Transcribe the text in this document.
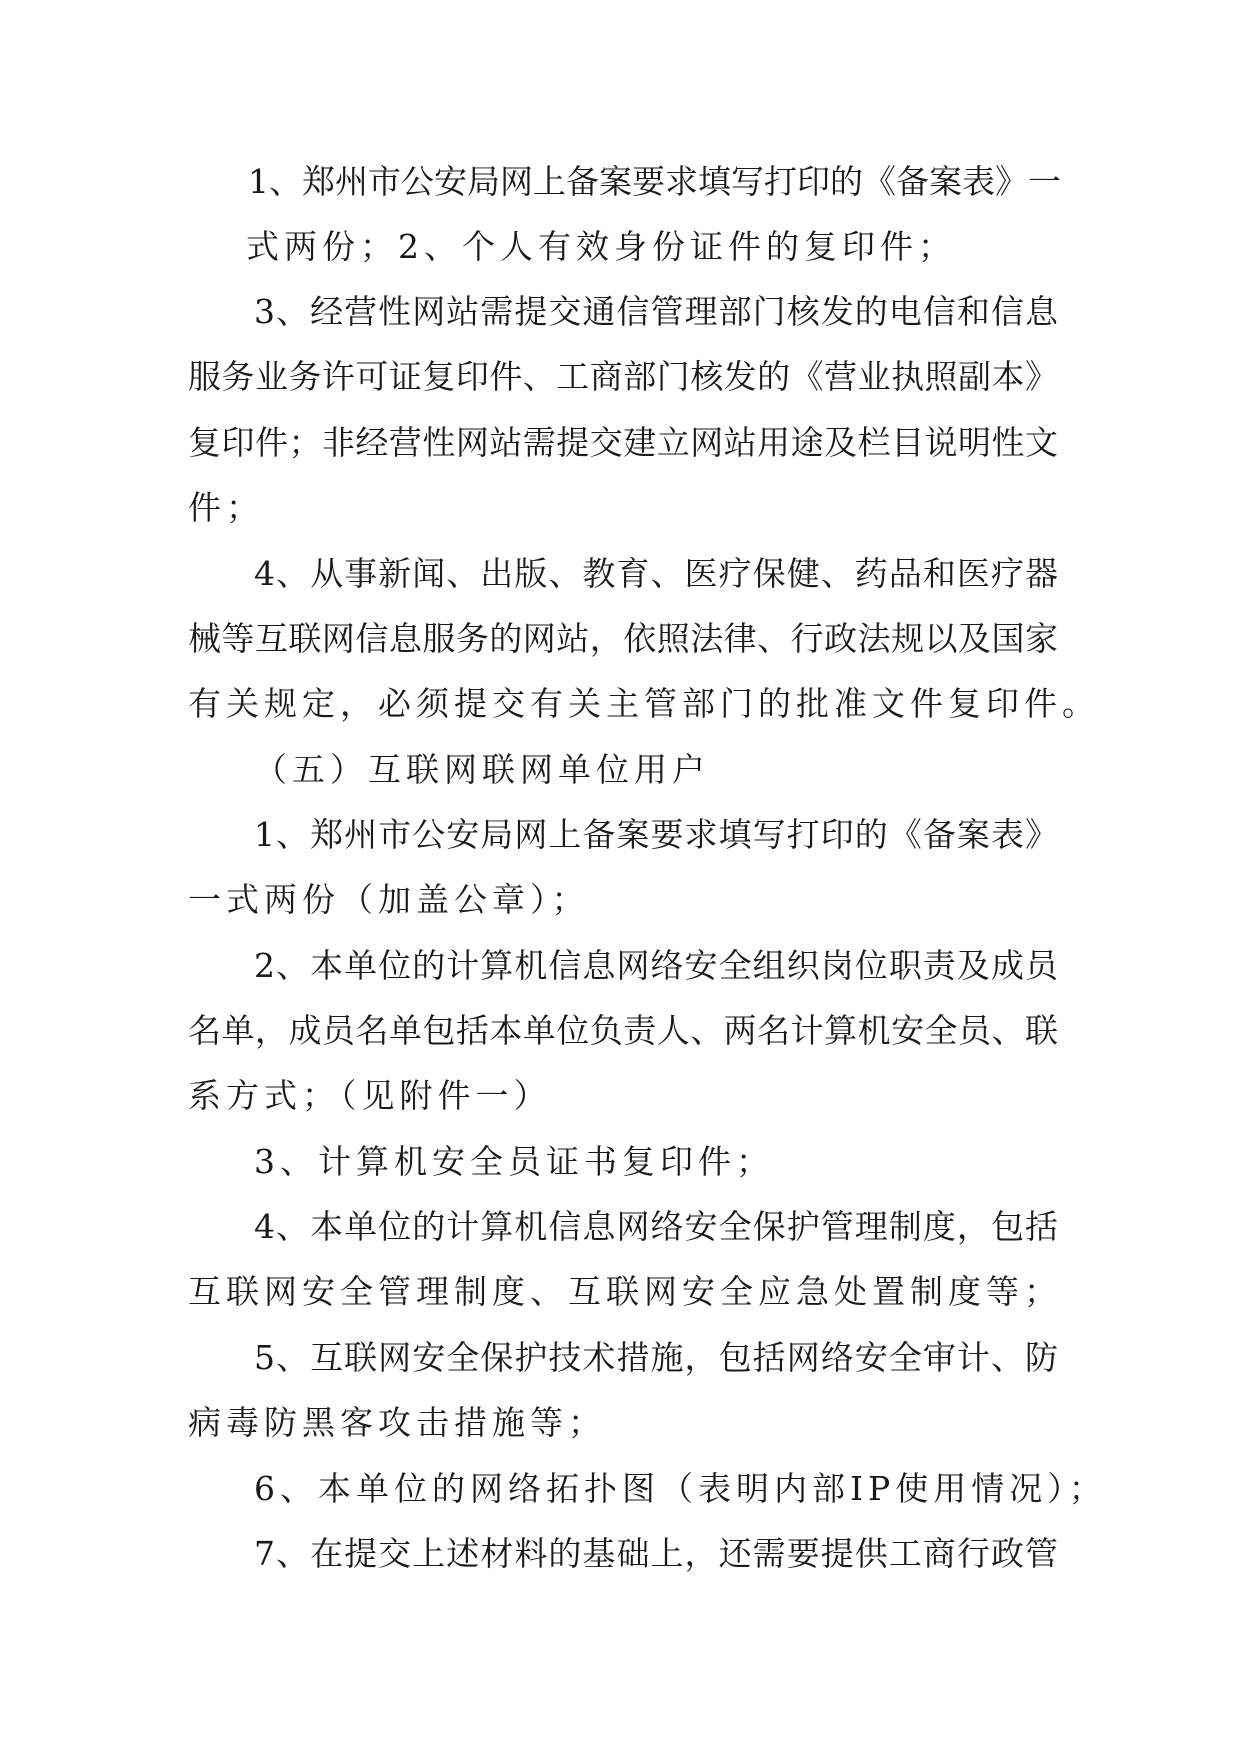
1、郑州市公安局网上备案要求填写打印的《备案表》一
式两份；2、个人有效身份证件的复印件；
3、经营性网站需提交通信管理部门核发的电信和信息
服务业务许可证复印件、工商部门核发的《营业执照副本》
复印件；非经营性网站需提交建立网站用途及栏目说明性文
件；
4、从事新闻、出版、教育、医疗保健、药品和医疗器
械等互联网信息服务的网站，依照法律、行政法规以及国家
有关规定，必须提交有关主管部门的批准文件复印件。
（五）互联网联网单位用户
1、郑州市公安局网上备案要求填写打印的《备案表》
一式两份（加盖公章）；
2、本单位的计算机信息网络安全组织岗位职责及成员
名单，成员名单包括本单位负责人、两名计算机安全员、联
系方式；（见附件一）
3、计算机安全员证书复印件；
4、本单位的计算机信息网络安全保护管理制度，包括
互联网安全管理制度、互联网安全应急处置制度等；
5、互联网安全保护技术措施，包括网络安全审计、防
病毒防黑客攻击措施等；
6、本单位的网络拓扑图（表明内部IP使用情况）；
7、在提交上述材料的基础上，还需要提供工商行政管
